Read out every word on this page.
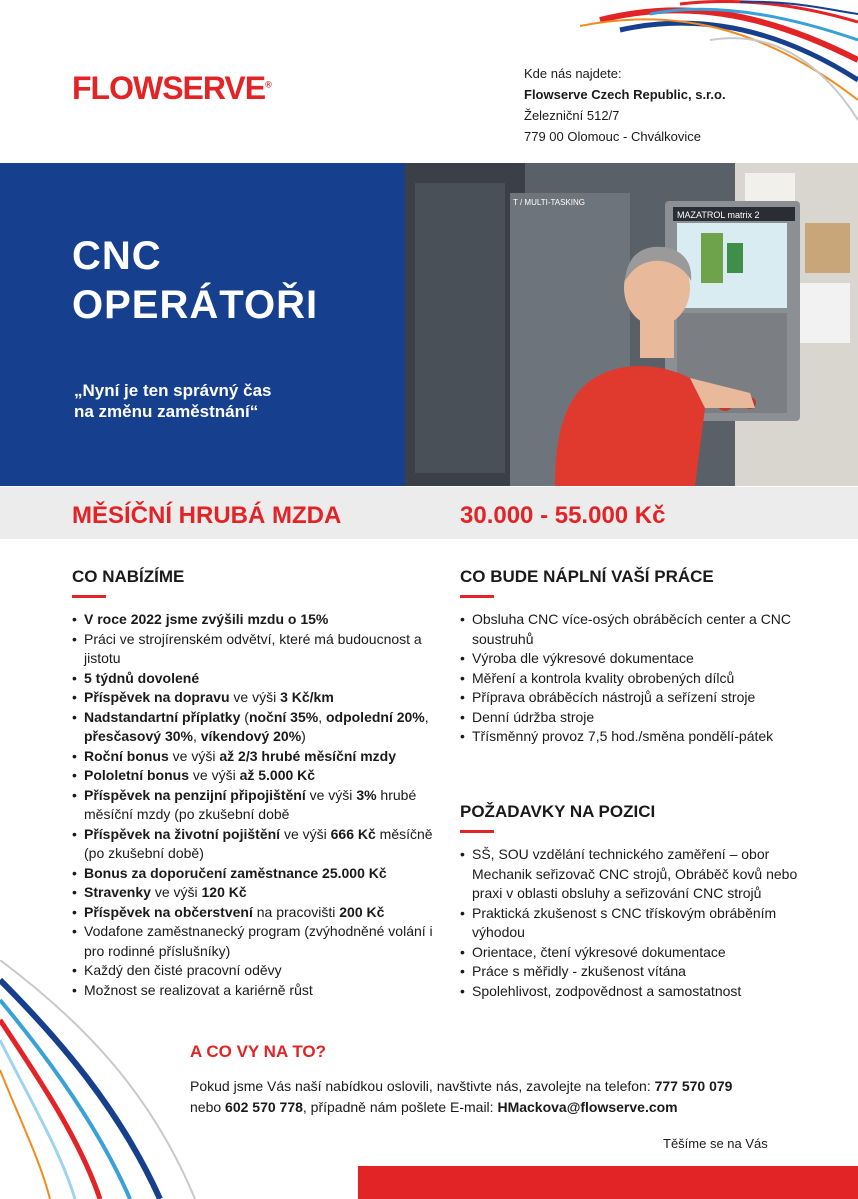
FLOWSERVE®
Kde nás najdete:
Flowserve Czech Republic, s.r.o.
Železniční 512/7
779 00 Olomouc - Chválkovice
CNC
OPERÁTOŘI
„Nyní je ten správný čas
na změnu zaměstnání“
MAZATROL matrix 2
T / MULTI-TASKING
MĚSÍČNÍ HRUBÁ MZDA	30.000 - 55.000 Kč
CO NABÍZÍME
• V roce 2022 jsme zvýšili mzdu o 15%
• Práci ve strojírenském odvětví, které má budoucnost a jistotu
• 5 týdnů dovolené
• Příspěvek na dopravu ve výši 3 Kč/km
• Nadstandartní příplatky (noční 35%, odpolední 20%, přesčasový 30%, víkendový 20%)
• Roční bonus ve výši až 2/3 hrubé měsíční mzdy
• Pololetní bonus ve výši až 5.000 Kč
• Příspěvek na penzijní připojištění ve výši 3% hrubé měsíční mzdy (po zkušební době
• Příspěvek na životní pojištění ve výši 666 Kč měsíčně (po zkušební době)
• Bonus za doporučení zaměstnance 25.000 Kč
• Stravenky ve výši 120 Kč
• Příspěvek na občerstvení na pracovišti 200 Kč
• Vodafone zaměstnanecký program (zvýhodněné volání i pro rodinné příslušníky)
• Každý den čisté pracovní oděvy
• Možnost se realizovat a kariérně růst
CO BUDE NÁPLNÍ VAŠÍ PRÁCE
• Obsluha CNC více-osých obráběcích center a CNC soustruhů
• Výroba dle výkresové dokumentace
• Měření a kontrola kvality obrobených dílců
• Příprava obráběcích nástrojů a seřízení stroje
• Denní údržba stroje
• Třísměnný provoz 7,5 hod./směna pondělí-pátek
POŽADAVKY NA POZICI
• SŠ, SOU vzdělání technického zaměření – obor Mechanik seřizovač CNC strojů, Obráběč kovů nebo praxi v oblasti obsluhy a seřizování CNC strojů
• Praktická zkušenost s CNC třískovým obráběním výhodou
• Orientace, čtení výkresové dokumentace
• Práce s měřidly - zkušenost vítána
• Spolehlivost, zodpovědnost a samostatnost
A CO VY NA TO?
Pokud jsme Vás naší nabídkou oslovili, navštivte nás, zavolejte na telefon: 777 570 079
nebo 602 570 778, případně nám pošlete E-mail: HMackova@flowserve.com
Těšíme se na Vás
